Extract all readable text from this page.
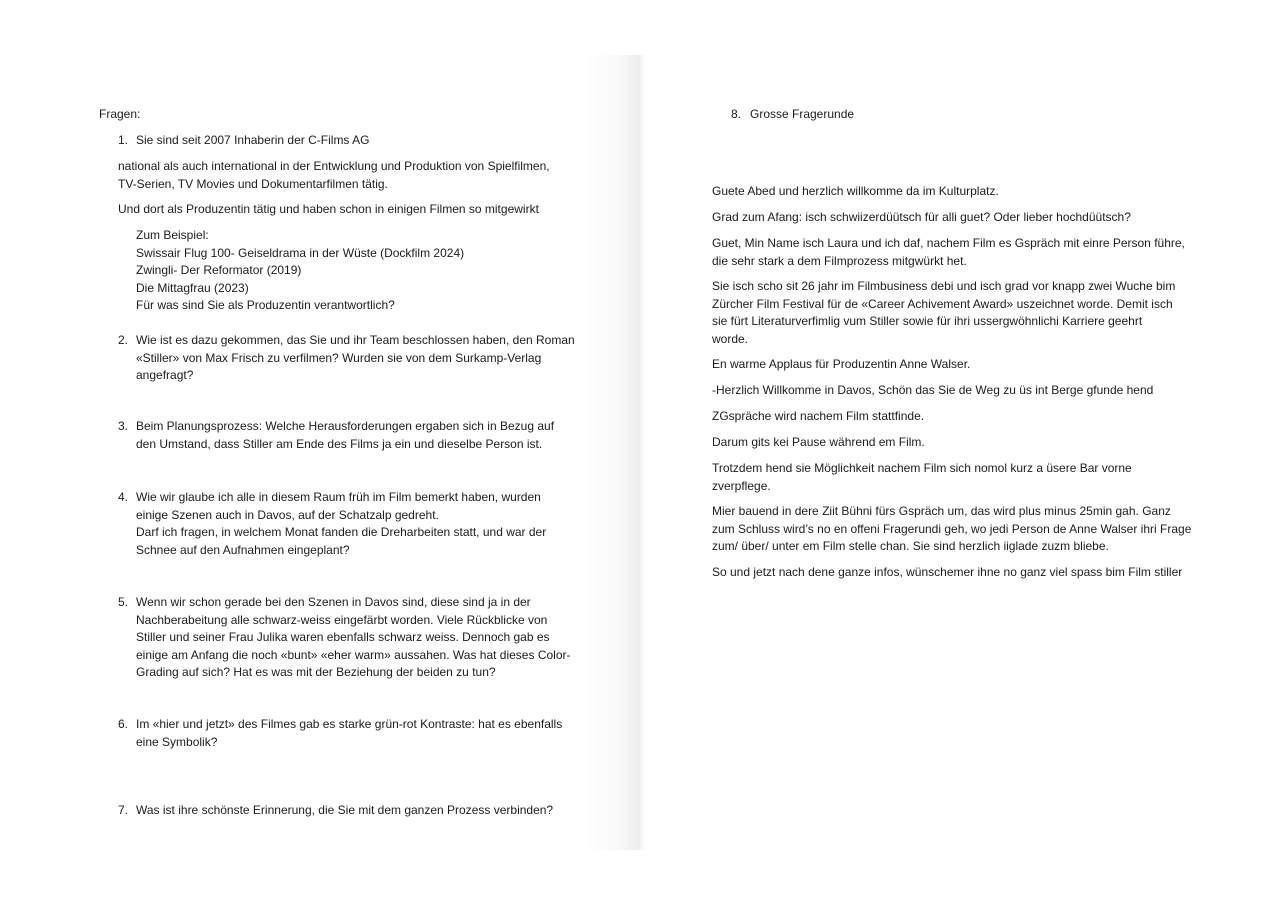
Fragen:

1. Sie sind seit 2007 Inhaberin der C-Films AG

national als auch international in der Entwicklung und Produktion von Spielfilmen,

TV-Serien, TV Movies und Dokumentarfilmen tätig.

Und dort als Produzentin tätig und haben schon in einigen Filmen so mitgewirkt

Zum Beispiel:

Swissair Flug 100- Geiseldrama in der Wüste (Dockfilm 2024)

Zwingli- Der Reformator (2019)

Die Mittagfrau (2023)

Für was sind Sie als Produzentin verantwortlich?

2. Wie ist es dazu gekommen, das Sie und ihr Team beschlossen haben, den Roman

«Stiller» von Max Frisch zu verfilmen? Wurden sie von dem Surkamp-Verlag

angefragt?

3. Beim Planungsprozess: Welche Herausforderungen ergaben sich in Bezug auf

den Umstand, dass Stiller am Ende des Films ja ein und dieselbe Person ist.

4. Wie wir glaube ich alle in diesem Raum früh im Film bemerkt haben, wurden

einige Szenen auch in Davos, auf der Schatzalp gedreht.

Darf ich fragen, in welchem Monat fanden die Dreharbeiten statt, und war der

Schnee auf den Aufnahmen eingeplant?

5. Wenn wir schon gerade bei den Szenen in Davos sind, diese sind ja in der

Nachberabeitung alle schwarz-weiss eingefärbt worden. Viele Rückblicke von

Stiller und seiner Frau Julika waren ebenfalls schwarz weiss. Dennoch gab es

einige am Anfang die noch «bunt» «eher warm» aussahen. Was hat dieses Color-

Grading auf sich? Hat es was mit der Beziehung der beiden zu tun?

6. Im «hier und jetzt» des Filmes gab es starke grün-rot Kontraste: hat es ebenfalls

eine Symbolik?

7. Was ist ihre schönste Erinnerung, die Sie mit dem ganzen Prozess verbinden?

8. Grosse Fragerunde

Guete Abed und herzlich willkomme da im Kulturplatz.

Grad zum Afang: isch schwiizerdüütsch für alli guet? Oder lieber hochdüütsch?

Guet, Min Name isch Laura und ich daf, nachem Film es Gspräch mit einre Person führe,

die sehr stark a dem Filmprozess mitgwürkt het.

Sie isch scho sit 26 jahr im Filmbusiness debi und isch grad vor knapp zwei Wuche bim

Zürcher Film Festival für de «Career Achivement Award» uszeichnet worde. Demit isch

sie fürt Literaturverfimlig vum Stiller sowie für ihri ussergwöhnlichi Karriere geehrt

worde.

En warme Applaus für Produzentin Anne Walser.

-Herzlich Willkomme in Davos, Schön das Sie de Weg zu üs int Berge gfunde hend

ZGspräche wird nachem Film stattfinde.

Darum gits kei Pause während em Film.

Trotzdem hend sie Möglichkeit nachem Film sich nomol kurz a üsere Bar vorne

zverpflege.

Mier bauend in dere Ziit Bühni fürs Gspräch um, das wird plus minus 25min gah. Ganz

zum Schluss wird’s no en offeni Fragerundi geh, wo jedi Person de Anne Walser ihri Frage

zum/ über/ unter em Film stelle chan. Sie sind herzlich iiglade zuzm bliebe.

So und jetzt nach dene ganze infos, wünschemer ihne no ganz viel spass bim Film stiller
